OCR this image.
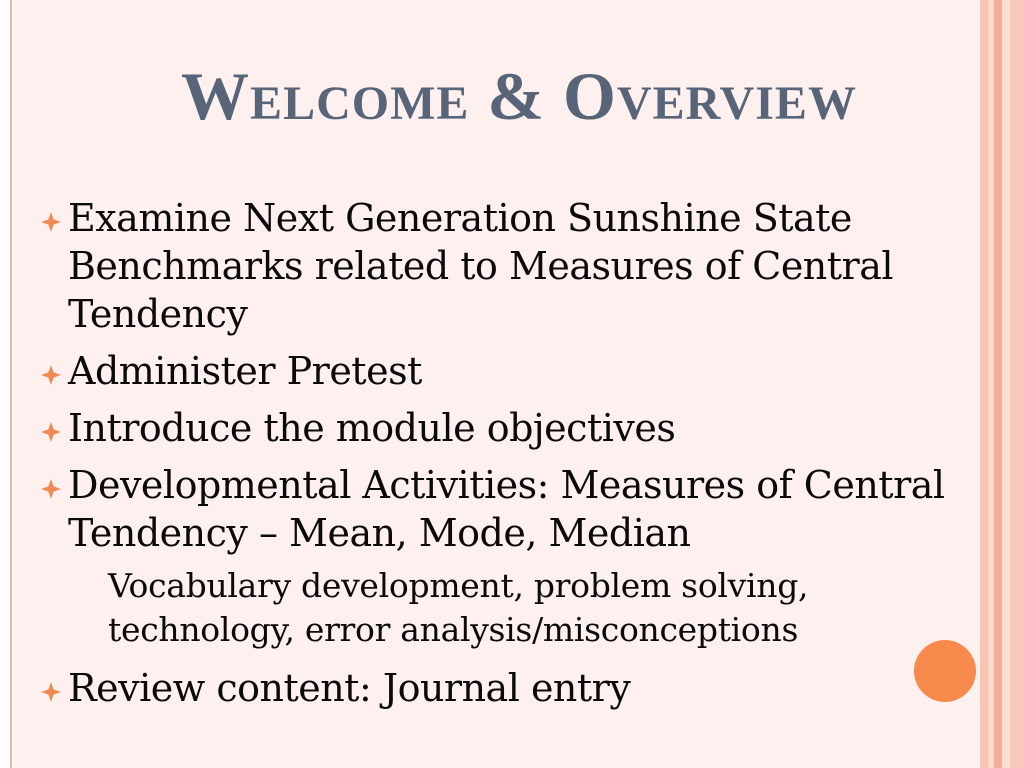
Welcome & Overview
Examine Next Generation Sunshine State Benchmarks related to Measures of Central Tendency
Administer Pretest
Introduce the module objectives
Developmental Activities: Measures of Central Tendency – Mean, Mode, Median
Vocabulary development, problem solving, technology, error analysis/misconceptions
Review content: Journal entry
